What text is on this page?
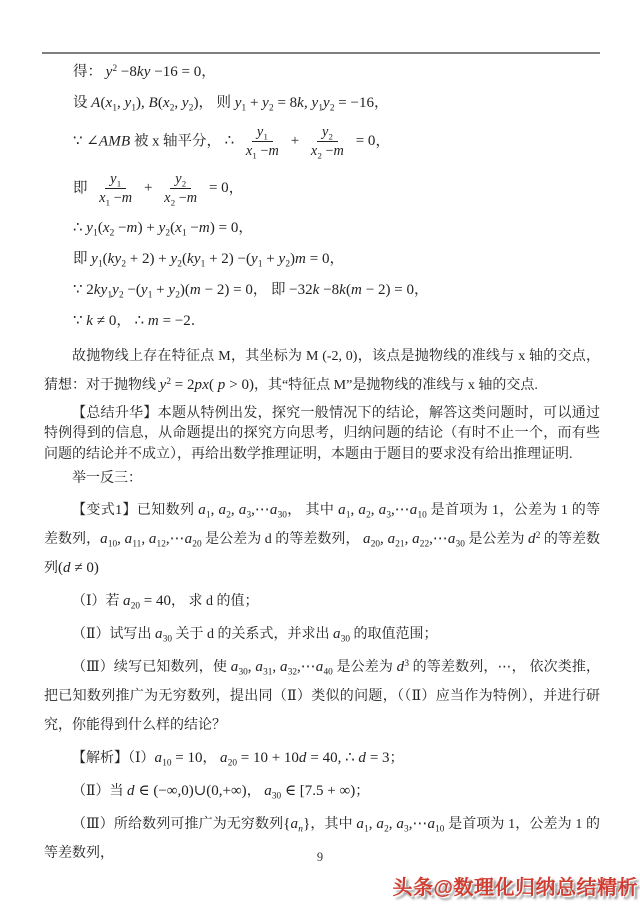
得： $y^2 -8ky -16 = 0$，
设 $A(x_1$, $y_1$), $B(x_2$, $y_2$)， 则 $y_1 + y_2 = 8k$, $y_1y_2 = -16$，
∵ ∠AMB 被 x 轴平分， ∴ $\frac{y_1}{x_1 -m} + \frac{y_2}{x_2 -m} = 0$，
即 $\frac{y_1}{x_1 -m} + \frac{y_2}{x_2 -m} = 0$，
∴ $y_1(x_2 -m) + y_2(x_1 -m) = 0$，
即 $y_1(ky_2 + 2) + y_2(ky_1 + 2) -(y_1 + y_2)m = 0$，
∵ $2ky_1y_2 -(y_1 + y_2)(m - 2) = 0$， 即 −32k −8k(m − 2) = 0，
∵ k ≠ 0， ∴ m = −2．
故抛物线上存在特征点 M，其坐标为 M (-2, 0)，该点是抛物线的准线与 x 轴的交点，猜想：对于抛物线 $y^2 = 2px$( p > 0)，其“特征点 M”是抛物线的准线与 x 轴的交点.
【总结升华】本题从特例出发，探究一般情况下的结论，解答这类问题时，可以通过特例得到的信息，从命题提出的探究方向思考，归纳问题的结论（有时不止一个，而有些问题的结论并不成立），再给出数学推理证明，本题由于题目的要求没有给出推理证明.
举一反三：
【变式1】已知数列 $a_1$, $a_2$, $a_3,\cdots a_{30}$， 其中 $a_1$, $a_2$, $a_3,\cdots a_{10}$ 是首项为 1，公差为 1 的等差数列，$a_{10}$, $a_{11}$, $a_{12},\cdots a_{20}$ 是公差为 d 的等差数列， $a_{20}$, $a_{21}$, $a_{22},\cdots a_{30}$ 是公差为 $d^2$ 的等差数列(d ≠ 0)
（Ⅰ）若 $a_{20} = 40$， 求 d 的值；
（Ⅱ）试写出 $a_{30}$ 关于 d 的关系式，并求出 $a_{30}$ 的取值范围；
（Ⅲ）续写已知数列，使 $a_{30}$, $a_{31}$, $a_{32},\cdots a_{40}$ 是公差为 $d^3$ 的等差数列，⋯， 依次类推，把已知数列推广为无穷数列，提出同（Ⅱ）类似的问题，（（Ⅱ）应当作为特例），并进行研究，你能得到什么样的结论？
【解析】$(Ⅰ)a_{10} = 10$， $a_{20} = 10 + 10d = 40$, ∴ d = 3；
（Ⅱ）当 d ∈ (−∞,0)∪(0,+∞)， $a_{30}$ ∈ [7.5 + ∞)；
（Ⅲ）所给数列可推广为无穷数列$\{a_n\}$，其中 $a_1$, $a_2$, $a_3,\cdots a_{10}$ 是首项为 1，公差为 1 的等差数列，	9
头条@数理化归纳总结精析
